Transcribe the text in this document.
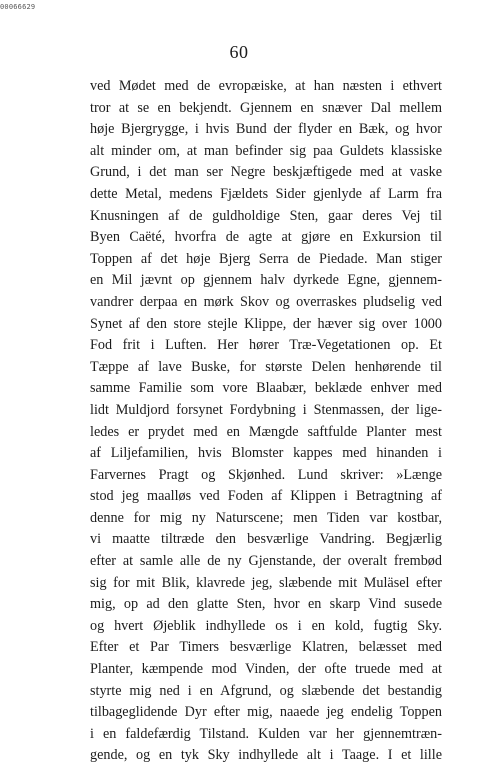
00066629
60
ved Mødet med de evropæiske, at han næsten i ethvert
tror at se en bekjendt. Gjennem en snæver Dal mellem
høje Bjergrygge, i hvis Bund der flyder en Bæk, og hvor
alt minder om, at man befinder sig paa Guldets klassiske
Grund, i det man ser Negre beskjæftigede med at vaske
dette Metal, medens Fjældets Sider gjenlyde af Larm fra
Knusningen af de guldholdige Sten, gaar deres Vej til
Byen Caëté, hvorfra de agte at gjøre en Exkursion til
Toppen af det høje Bjerg Serra de Piedade. Man stiger
en Mil jævnt op gjennem halv dyrkede Egne, gjennem-
vandrer derpaa en mørk Skov og overraskes pludselig ved
Synet af den store stejle Klippe, der hæver sig over 1000
Fod frit i Luften. Her hører Træ-Vegetationen op. Et
Tæppe af lave Buske, for største Delen henhørende til
samme Familie som vore Blaabær, beklæde enhver med
lidt Muldjord forsynet Fordybning i Stenmassen, der lige-
ledes er prydet med en Mængde saftfulde Planter mest
af Liljefamilien, hvis Blomster kappes med hinanden i
Farvernes Pragt og Skjønhed. Lund skriver: »Længe
stod jeg maalløs ved Foden af Klippen i Betragtning af
denne for mig ny Naturscene; men Tiden var kostbar,
vi maatte tiltræde den besværlige Vandring. Begjærlig
efter at samle alle de ny Gjenstande, der overalt frembød
sig for mit Blik, klavrede jeg, slæbende mit Muläsel efter
mig, op ad den glatte Sten, hvor en skarp Vind susede
og hvert Øjeblik indhyllede os i en kold, fugtig Sky.
Efter et Par Timers besværlige Klatren, belæsset med
Planter, kæmpende mod Vinden, der ofte truede med at
styrte mig ned i en Afgrund, og slæbende det bestandig
tilbageglidende Dyr efter mig, naaede jeg endelig Toppen
i en faldefærdig Tilstand. Kulden var her gjennemtræn-
gende, og en tyk Sky indhyllede alt i Taage. I et lille
